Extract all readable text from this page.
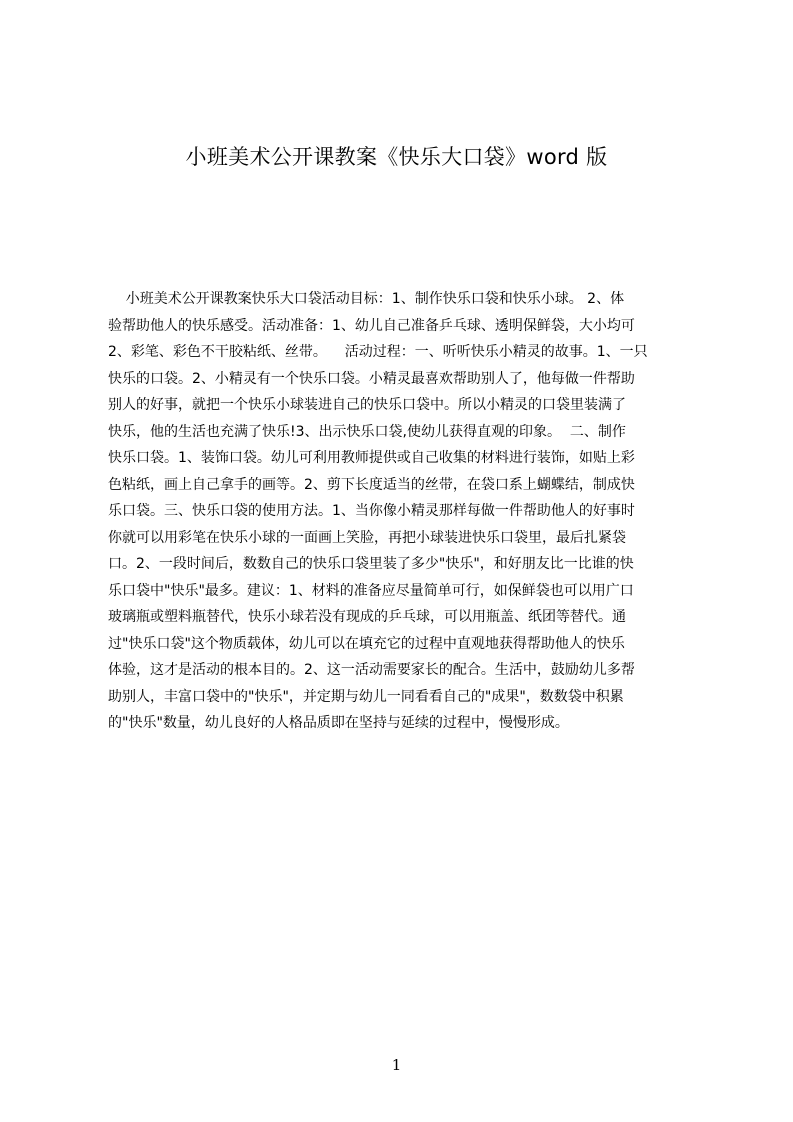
小班美术公开课教案《快乐大口袋》word 版
小班美术公开课教案快乐大口袋活动目标：1、制作快乐口袋和快乐小球。 2、体
验帮助他人的快乐感受。活动准备：1、幼儿自己准备乒乓球、透明保鲜袋，大小均可
2、彩笔、彩色不干胶粘纸、丝带。    活动过程：一、听听快乐小精灵的故事。1、一只
快乐的口袋。2、小精灵有一个快乐口袋。小精灵最喜欢帮助别人了，他每做一件帮助
别人的好事，就把一个快乐小球装进自己的快乐口袋中。所以小精灵的口袋里装满了
快乐，他的生活也充满了快乐!3、出示快乐口袋,使幼儿获得直观的印象。  二、制作
快乐口袋。1、装饰口袋。幼儿可利用教师提供或自己收集的材料进行装饰，如贴上彩
色粘纸，画上自己拿手的画等。2、剪下长度适当的丝带，在袋口系上蝴蝶结，制成快
乐口袋。三、快乐口袋的使用方法。1、当你像小精灵那样每做一件帮助他人的好事时
你就可以用彩笔在快乐小球的一面画上笑脸，再把小球装进快乐口袋里，最后扎紧袋
口。2、一段时间后，数数自己的快乐口袋里装了多少"快乐"，和好朋友比一比谁的快
乐口袋中"快乐"最多。建议：1、材料的准备应尽量简单可行，如保鲜袋也可以用广口
玻璃瓶或塑料瓶替代，快乐小球若没有现成的乒乓球，可以用瓶盖、纸团等替代。通
过"快乐口袋"这个物质载体，幼儿可以在填充它的过程中直观地获得帮助他人的快乐
体验，这才是活动的根本目的。2、这一活动需要家长的配合。生活中，鼓励幼儿多帮
助别人，丰富口袋中的"快乐"，并定期与幼儿一同看看自己的"成果"，数数袋中积累
的"快乐"数量，幼儿良好的人格品质即在坚持与延续的过程中，慢慢形成。
1
